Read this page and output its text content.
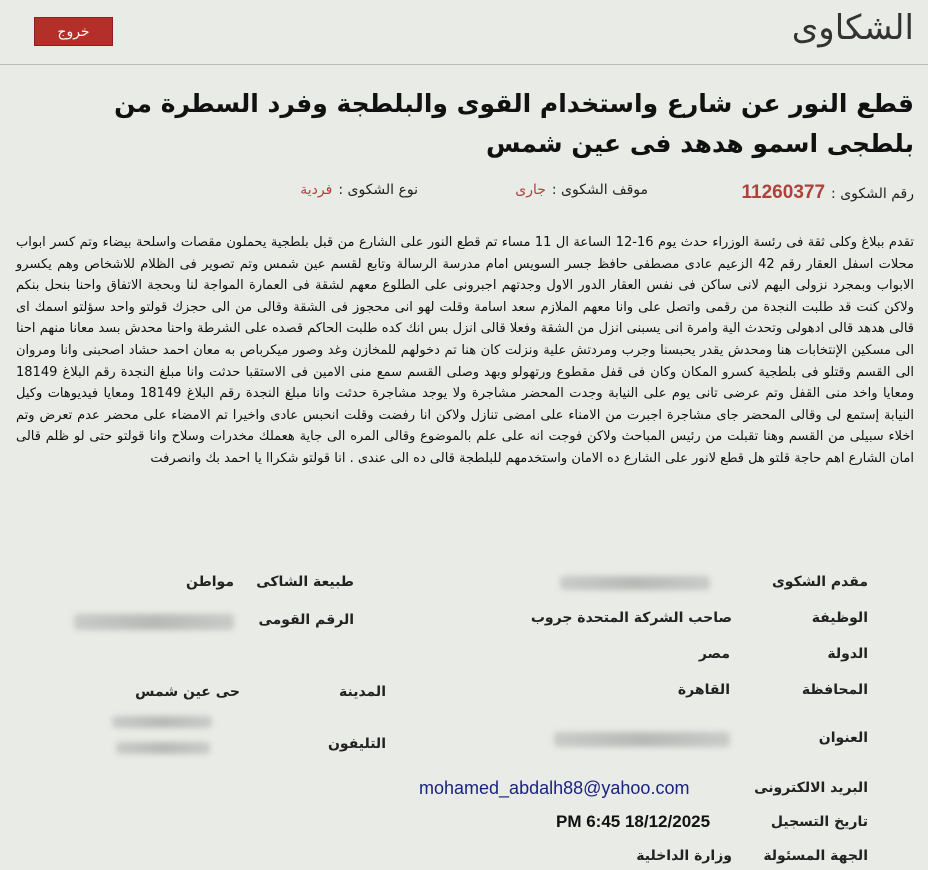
الشكاوى
خروج
قطع النور عن شارع واستخدام القوى والبلطجة وفرد السطرة من بلطجى اسمو هدهد فى عين شمس
رقم الشكوى :11260377
موقف الشكوى :جارى
نوع الشكوى :فردية
تقدم ببلاغ وكلى ثقة فى رئسة الوزراء حدث يوم 16-12 الساعة ال 11 مساء تم قطع النور على الشارع من قبل بلطجية يحملون مقصات واسلحة بيضاء وتم كسر ابواب محلات اسفل العقار رقم 42 الزعيم عادى مصطفى حافظ جسر السويس امام مدرسة الرسالة وتابع لقسم عين شمس وتم تصوير فى الظلام للاشخاص وهم يكسرو الابواب وبمجرد نزولى اليهم لانى ساكن فى نفس العقار الدور الاول وجدتهم اجبرونى على الطلوع معهم لشقة فى العمارة المواجة لنا وبحجة الاتفاق واحنا بنحل بنكم ولاكن كنت قد طلبت النجدة من رقمى واتصل على وانا معهم الملازم سعد اسامة وقلت لهو انى محجوز فى الشقة وقالى من الى حجزك قولتو واحد سؤلتو اسمك اى قالى هدهد قالى ادهولى وتحدث الية وامرة انى يسبنى انزل من الشقة وفعلا قالى انزل بس انك كده طلبت الحاكم قصده على الشرطة واحنا محدش بسد معانا منهم احنا الى مسكين الإنتخابات هنا ومحدش يقدر يحبسنا وجرب ومردتش علية ونزلت كان هنا تم دخولهم للمخازن وغد وصور ميكرباص به معان احمد حشاد اصحبنى وانا ومروان الى القسم وقتلو فى بلطجية كسرو المكان وكان فى قفل مقطوع ورتهولو وبهد وصلى القسم سمع منى الامين فى الاستقبا حدثت وانا مبلغ النجدة رقم البلاغ 18149 ومعايا واخد منى القفل وتم عرضى تانى يوم على النيابة وجدت المحضر مشاجرة ولا يوجد مشاجرة حدثت وانا مبلغ النجدة رقم البلاغ 18149 ومعايا فيديوهات وكيل النيابة إستمع لى وقالى المحضر جاى مشاجرة اجبرت من الامناء على امضى تنازل ولاكن انا رفضت وقلت انحبس عادى واخيرا تم الامضاء على محضر عدم تعرض وتم اخلاء سبيلى من القسم وهنا تقبلت من رئيس المباحث ولاكن فوجت انه على علم بالموضوع وقالى المره الى جاية هعملك مخدرات وسلاح وانا قولتو حتى لو ظلم قالى امان الشارع اهم حاجة قلتو هل قطع لانور على الشارع ده الامان واستخدمهم للبلطجة قالى ده الى عندى . انا قولتو شكراا يا احمد بك وانصرفت
مقدم الشكوى
طبيعة الشاكى
مواطن
الوظيفة
صاحب الشركة المتحدة جروب
الرقم القومى
الدولة
مصر
المحافظة
القاهرة
المدينة
حى عين شمس
العنوان
التليفون
البريد الالكترونى
mohamed_abdalh88@yahoo.com
تاريخ التسجيل
PM 6:45 18/12/2025
الجهة المسئولة
وزارة الداخلية
